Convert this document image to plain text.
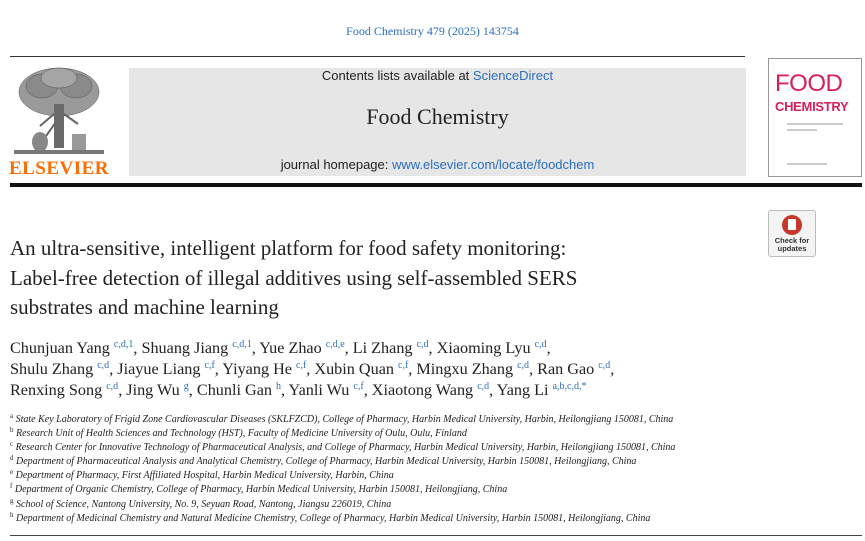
Food Chemistry 479 (2025) 143754
ELSEVIER
Contents lists available at ScienceDirect
Food Chemistry
journal homepage: www.elsevier.com/locate/foodchem
FOOD
CHEMISTRY
Check for
updates
An ultra-sensitive, intelligent platform for food safety monitoring:
Label-free detection of illegal additives using self-assembled SERS
substrates and machine learning
Chunjuan Yang $^{c,d,1}$, Shuang Jiang $^{c,d,1}$, Yue Zhao $^{c,d,e}$, Li Zhang $^{c,d}$, Xiaoming Lyu $^{c,d}$,
Shulu Zhang $^{c,d}$, Jiayue Liang $^{c,f}$, Yiyang He $^{c,f}$, Xubin Quan $^{c,f}$, Mingxu Zhang $^{c,d}$, Ran Gao $^{c,d}$,
Renxing Song $^{c,d}$, Jing Wu $^g$, Chunli Gan $^h$, Yanli Wu $^{c,f}$, Xiaotong Wang $^{c,d}$, Yang Li $^{a,b,c,d,*}$
$^a$ State Key Laboratory of Frigid Zone Cardiovascular Diseases (SKLFZCD), College of Pharmacy, Harbin Medical University, Harbin, Heilongjiang 150081, China
$^b$ Research Unit of Health Sciences and Technology (HST), Faculty of Medicine University of Oulu, Oulu, Finland
$^c$ Research Center for Innovative Technology of Pharmaceutical Analysis, and College of Pharmacy, Harbin Medical University, Harbin, Heilongjiang 150081, China
$^d$ Department of Pharmaceutical Analysis and Analytical Chemistry, College of Pharmacy, Harbin Medical University, Harbin 150081, Heilongjiang, China
$^e$ Department of Pharmacy, First Affiliated Hospital, Harbin Medical University, Harbin, China
$^f$ Department of Organic Chemistry, College of Pharmacy, Harbin Medical University, Harbin 150081, Heilongjiang, China
$^g$ School of Science, Nantong University, No. 9, Seyuan Road, Nantong, Jiangsu 226019, China
$^h$ Department of Medicinal Chemistry and Natural Medicine Chemistry, College of Pharmacy, Harbin Medical University, Harbin 150081, Heilongjiang, China
